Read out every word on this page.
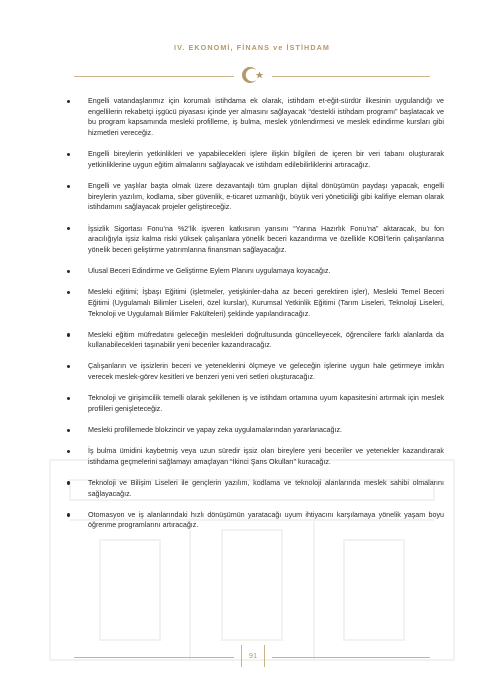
IV. EKONOMİ, FİNANS ve İSTİHDAM
Engelli vatandaşlarımız için korumalı istihdama ek olarak, istihdam et-eğit-sürdür ilkesinin uygulandığı ve engellilerin rekabetçi işgücü piyasası içinde yer almasını sağlayacak “destekli istihdam programı” başlatacak ve bu program kapsamında mesleki profilleme, iş bulma, meslek yönlendirmesi ve meslek edindirme kursları gibi hizmetleri vereceğiz.
Engelli bireylerin yetkinlikleri ve yapabilecekleri işlere ilişkin bilgileri de içeren bir veri tabanı oluşturarak yetkinliklerine uygun eğitim almalarını sağlayacak ve istihdam edilebilirliklerini artıracağız.
Engelli ve yaşlılar başta olmak üzere dezavantajlı tüm grupları dijital dönüşümün paydaşı yapacak, engelli bireylerin yazılım, kodlama, siber güvenlik, e-ticaret uzmanlığı, büyük veri yöneticiliği gibi kalifiye eleman olarak istihdamını sağlayacak projeler geliştireceğiz.
İşsizlik Sigortası Fonu’na %2’lik işveren katkısının yarısını “Yarına Hazırlık Fonu’na” aktaracak, bu fon aracılığıyla işsiz kalma riski yüksek çalışanlara yönelik beceri kazandırma ve özellikle KOBİ’lerin çalışanlarına yönelik beceri geliştirme yatırımlarına finansman sağlayacağız.
Ulusal Beceri Edindirme ve Geliştirme Eylem Planını uygulamaya koyacağız.
Mesleki eğitimi; İşbaşı Eğitimi (işletmeler, yetişkinler-daha az beceri gerektiren işler), Mesleki Temel Beceri Eğitimi (Uygulamalı Bilimler Liseleri, özel kurslar), Kurumsal Yetkinlik Eğitimi (Tarım Liseleri, Teknoloji Liseleri, Teknoloji ve Uygulamalı Bilimler Fakülteleri) şeklinde yapılandıracağız.
Mesleki eğitim müfredatını geleceğin meslekleri doğrultusunda güncelleyecek, öğrencilere farklı alanlarda da kullanabilecekleri taşınabilir yeni beceriler kazandıracağız.
Çalışanların ve işsizlerin beceri ve yeteneklerini ölçmeye ve geleceğin işlerine uygun hale getirmeye imkân verecek meslek-görev kesitleri ve benzeri yeni veri setleri oluşturacağız.
Teknoloji ve girişimcilik temelli olarak şekillenen iş ve istihdam ortamına uyum kapasitesini artırmak için meslek profilleri genişleteceğiz.
Mesleki profillemede blokzincir ve yapay zeka uygulamalarından yararlanacağız.
İş bulma ümidini kaybetmiş veya uzun süredir işsiz olan bireylere yeni beceriler ve yetenekler kazandırarak istihdama geçmelerini sağlamayı amaçlayan “İkinci Şans Okulları” kuracağız.
Teknoloji ve Bilişim Liseleri ile gençlerin yazılım, kodlama ve teknoloji alanlarında meslek sahibi olmalarını sağlayacağız.
Otomasyon ve iş alanlarındaki hızlı dönüşümün yaratacağı uyum ihtiyacını karşılamaya yönelik yaşam boyu öğrenme programlarını artıracağız.
91
